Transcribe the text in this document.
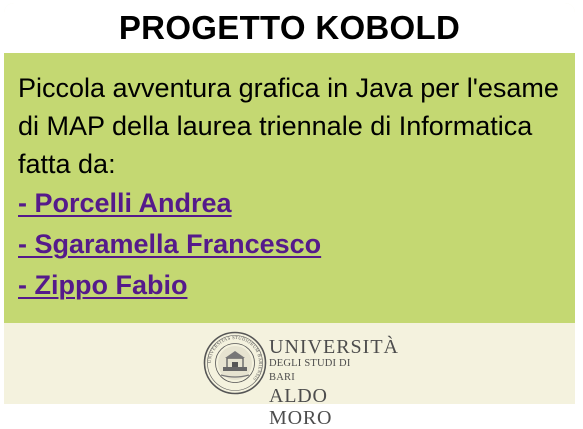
PROGETTO KOBOLD

Piccola avventura grafica in Java per l'esame di MAP della laurea triennale di Informatica fatta da:

- Porcelli Andrea
- Sgaramella Francesco
- Zippo Fabio
UNIVERSITAS STUDIORUM BARIENSIS
UNIVERSITÀ
DEGLI STUDI DI BARI
ALDO MORO
